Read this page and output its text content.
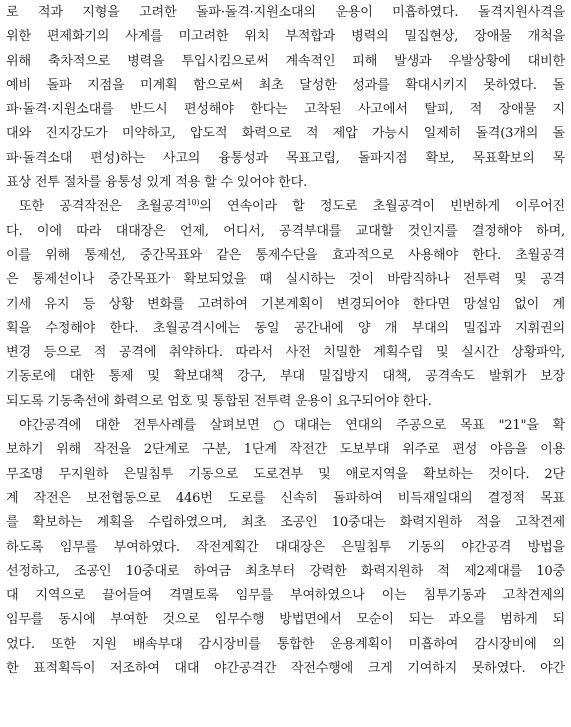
로 적과 지형을 고려한 돌파·돌격·지원소대의 운용이 미흡하였다. 돌격지원사격을
위한 편제화기의 사계를 미고려한 위치 부적합과 병력의 밀집현상, 장애물 개척을
위해 축차적으로 병력을 투입시킴으로써 계속적인 피해 발생과 우발상황에 대비한
예비 돌파 지점을 미계획 함으로써 최초 달성한 성과를 확대시키지 못하였다. 돌
파·돌격·지원소대를 반드시 편성해야 한다는 고착된 사고에서 탈피, 적 장애물 지
대와 진지강도가 미약하고, 압도적 화력으로 적 제압 가능시 일제히 돌격(3개의 돌
파·돌격소대 편성)하는 사고의 융통성과 목표고립, 돌파지점 확보, 목표확보의 목
표상 전투 절차를 융통성 있게 적용 할 수 있어야 한다.
또한 공격작전은 초월공격$^{10)}$의 연속이라 할 정도로 초월공격이 빈번하게 이루어진
다. 이에 따라 대대장은 언제, 어디서, 공격부대를 교대할 것인지를 결정해야 하며,
이를 위해 통제선, 중간목표와 같은 통제수단을 효과적으로 사용해야 한다. 초월공격
은 통제선이나 중간목표가 확보되었을 때 실시하는 것이 바람직하나 전투력 및 공격
기세 유지 등 상황 변화를 고려하여 기본계획이 변경되어야 한다면 망설임 없이 계
획을 수정해야 한다. 초월공격시에는 동일 공간내에 양 개 부대의 밀집과 지휘권의
변경 등으로 적 공격에 취약하다. 따라서 사전 치밀한 계획수립 및 실시간 상황파악,
기동로에 대한 통제 및 확보대책 강구, 부대 밀집방지 대책, 공격속도 발휘가 보장
되도록 기동축선에 화력으로 엄호 및 통합된 전투력 운용이 요구되어야 한다.
야간공격에 대한 전투사례를 살펴보면 ○대대는 연대의 주공으로 목표 "21"을 확
보하기 위해 작전을 2단계로 구분, 1단계 작전간 도보부대 위주로 편성 야음을 이용
무조명 무지원하 은밀침투 기동으로 도로견부 및 애로지역을 확보하는 것이다. 2단
계 작전은 보전협동으로 446번 도로를 신속히 돌파하여 비득재일대의 결정적 목표
를 확보하는 계획을 수립하였으며, 최초 조공인 10중대는 화력지원하 적을 고착견제
하도록 임무를 부여하였다. 작전계획간 대대장은 은밀침투 기동의 야간공격 방법을
선정하고, 조공인 10중대로 하여금 최초부터 강력한 화력지원하 적 제2제대를 10중
대 지역으로 끌어들여 격멸토록 임무를 부여하였으나 이는 침투기동과 고착견제의
임무를 동시에 부여한 것으로 임무수행 방법면에서 모순이 되는 과오를 범하게 되
었다. 또한 지원 배속부대 감시장비를 통합한 운용계획이 미흡하여 감시장비에 의
한 표적획득이 저조하여 대대 야간공격간 작전수행에 크게 기여하지 못하였다. 야간
